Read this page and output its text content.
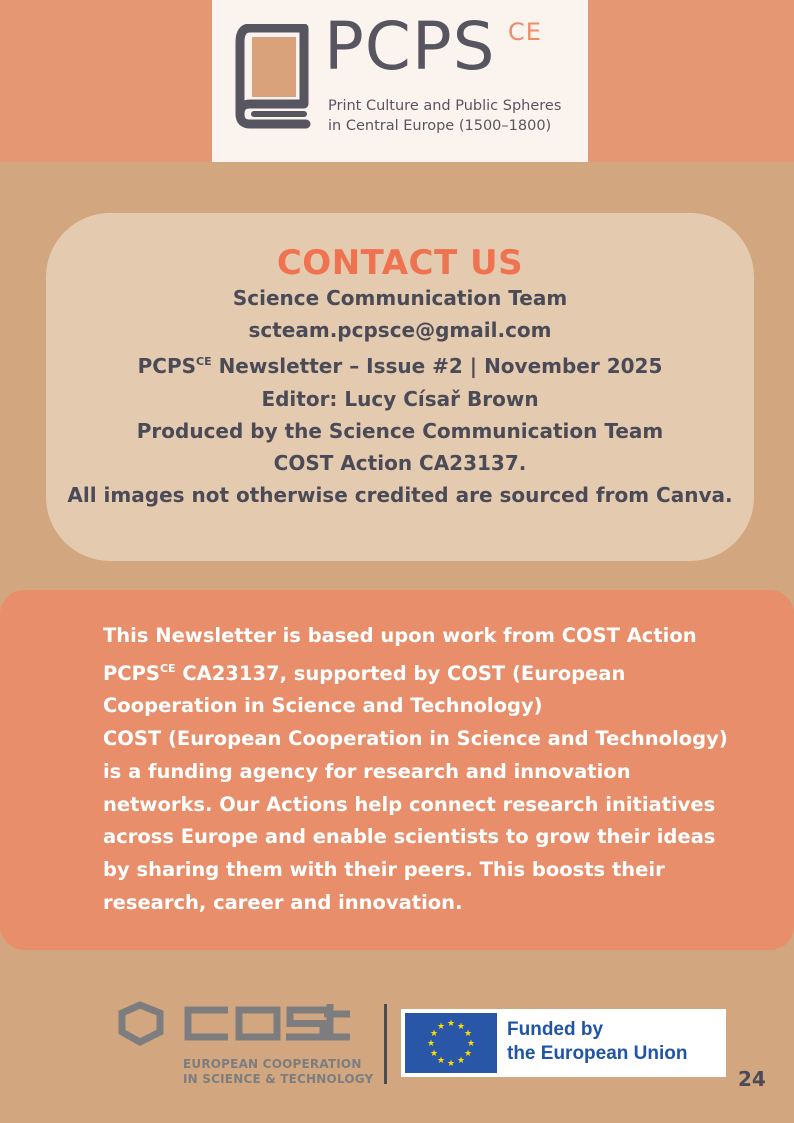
PCPS CE
Print Culture and Public Spheres
in Central Europe (1500–1800)
CONTACT US
Science Communication Team
scteam.pcpsce@gmail.com
$PCPS^{CE}$ Newsletter – Issue #2 | November 2025
Editor: Lucy Císař Brown
Produced by the Science Communication Team
COST Action CA23137.
All images not otherwise credited are sourced from Canva.
This Newsletter is based upon work from COST Action $PCPS^{CE}$ CA23137, supported by COST (European Cooperation in Science and Technology)
COST (European Cooperation in Science and Technology) is a funding agency for research and innovation networks. Our Actions help connect research initiatives across Europe and enable scientists to grow their ideas by sharing them with their peers. This boosts their research, career and innovation.
EUROPEAN COOPERATION
IN SCIENCE & TECHNOLOGY
★ ★
★
★
★
★
★
★
★
★
★
★	Funded by
the European Union
24
